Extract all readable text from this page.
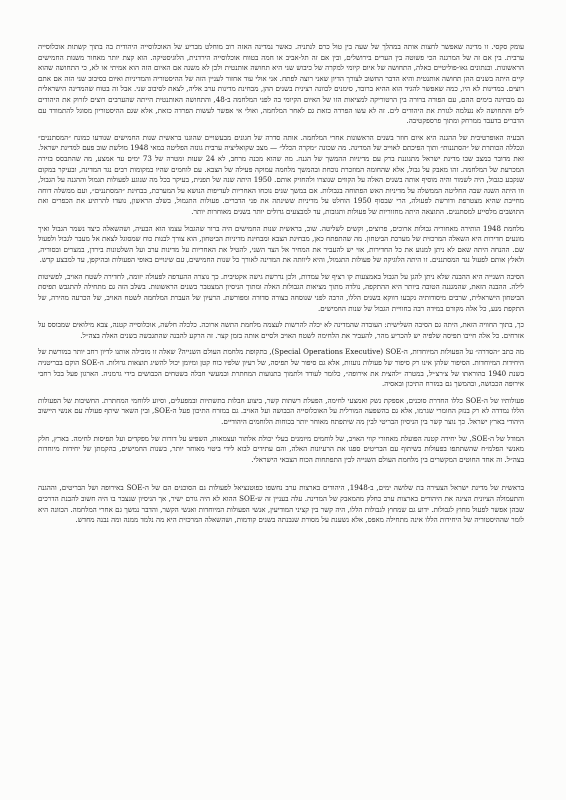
עומק סקסי. זו מדינה שאפשר לחצות אותה במהלך של שעה בין טול כרם לנתניה. כאשר נמדינה האזה רוב מוחלט מבריע של האוכלוסייה היהודית בה בתוך קשתות אוכלוסייה ערבית. בין אם זה של המרגנה הכי פשוטה בין הערים בירושלים, ובין אם זה תל-אביב או חמה בטווח אוכלוסייה הירדנית, הלוגיסטיקה. הוא קצת יותר מאחור משנות החמישים הראשונות. ובנתונים גאו-פוליטיים כאלה, התחושה של איום קיומי למקרה של כיבוש שני היא תחושה אותנטית ולכן לא משנה אם האיום הזה הוא אמיתי או לא, כי התחושה שהוא קיים היתה בשנים ההן תחושה אותנטית והיא הדבר החשוב לצורך הדיון שאני רוצה לפתח. אני אולי עוד אחזור לעניין הזה של ההיסטוריה והמדיניות ואיום בסיבוב שני הזה אם אתם רוצים. במדינות לא היו, כמה שאפשר להגיד הוא ההיא ברובד, סימנים לכוונה רצינית בשנים ההן, מבחינת מדינות ערב אליה, לצאת לסיבוב שני. אבל זה בטוח שהמדינה הישראלית גם מבחינה בימים ההם, עם הפורה ברורה בין הרטוריקה למציאות הזו של האיום הקיומי בה לפני המלחמה ב-48, והתחושה האותנטית הייתה שהערבים רוצים לזרוק את היהודים לים והתחושה לא נעלמה לגזרת את היהודים לים. זה לא עשו הפרדה כזאת גם לאחר המלחמה, ואולי אי אפשר לעשות הפרדה כזאת, אלא שגם ההיסטוריון מסוגל להתמודד עם הדברים בדעבד ממרחק ומתוך פרספקטיבה.

הבעיה האופרטיבית של ההגנה היא איום חוזר בשנים הראשונות אחרי המלחמה. אותה סדרה של חגונים מבעשויים שהוגנו בראשית שנות החמישים שנודעו כמונח ״המסתננים״ ונכללה הכותרת של ״הסתננות״ ותוך הפיכתם לאוייב של המדינה. מה שכונה ״מקרה הכלל״ — מצב שקואליציה ערבית גונזה הפליטה במאי 1948 מולשת שוב פעם למדינת ישראל. זאת מדובר במצב שבו מדינת ישראל מתגוננת ברק עם מדיניות ההמשך של הגנה. מה שהוא מכנה מרחב, לא 24 שעות ומטרה של 73 ימים עד אמצע, מה שהתבסס בזירה המכרעת של המלחמה. זהו מאבק על גבול, אלא שהחומה המוזכרת נוכחת ובהמשך מלחמה עמוקה פעילה של הצבא. עם לוחמים שהיו במקומות רבים נגד המדינה, ובעיקר במקום שנקבע כגבול, היה לשמור והיה מוסיף אותה בשנים האלה על הקווים שנוצרו ולהחזיק אותם. 1950 היתה שנה של תפנית, בעיקר בכל מה שנוגע לפעולות תגמול וההגנה על הגבול, וזו היתה השנה שבה החליטה הממשלה על מדיניות האש הפתוחה בגבולות. אם במשך שנים נוכחו האחריות לעדיפות הנושא על המערכת, בבחינת ״המסתננים״, ועם ממשלה דוחה מחייבת שהיא מצטרפת ודורשת לפעולה, הרי שבסוף 1950 הוחלט על מדיניות ששינתה את פני הדברים. פעולות התגמול, בשלב הראשון, נועדו להרתיע את הכפרים ואת התושבים מלסייע למסתננים. התוצאה היתה מחזוריות של פעולות ותגובות, עד למבצעים גדולים יותר בשנים מאוחרות יותר.

מלחמת 1948 הותירה מאחוריה גבולות ארוכים, פרוצים, וקשים לשליטה. שוב, בראשית שנות החמישים היה ברור שהגבול עצמו הוא הבעיה, ושהשאלה כיצד נשמר הגבול ואיך מונעים חדירות היא השאלה המרכזית של מערכת הביטחון. מה שהתפתח כאן, מבחינת הצבא ומבחינת מדיניות הביטחון, הוא צורך לבנות כוח שמסוגל לצאת אל מעבר לגבול ולפעול שם. ההנחה היתה שאם לא ניתן למנוע את כל החדירות, אזי יש להעביר את המחיר אל הצד השני, להטיל את האחריות על מדינות ערב ועל השלטונות בירדן, במצרים ובסוריה, ולאלץ אותם לפעול נגד המסתננים. זו היתה הלוגיקה של פעולות התגמול, והיא ליוותה את המדינה לאורך כל שנות החמישים, עם שינויים באופי הפעולות ובהיקפן, עד למבצע קדש.

הסיבה השנייה היא ההבנה שלא ניתן להגן על הגבול באמצעות קו רציף של עמדות, ולכן נדרשת גישה אקטיבית. כך נוצרה ההעדפה לפעולה יזומה, לחדירה לשטח האויב, לפשיטות לילה. ההבנה הזאת, שהמגננה הטובה ביותר היא ההתקפה, נולדה מתוך מציאות הגבולות האלה ומתוך הניסיון המצטבר בשנים הראשונות. בשלב הזה גם מתחילה להתגבש תפיסת הביטחון הישראלית, שרבים מיסודותיה נקבעו דווקא בשנים הללו, הרבה לפני שנוסחה בצורה סדורה ומפורשת. הרעיון של העברת המלחמה לשטח האויב, של הכרעה מהירה, של התקפת מנע, כל אלה מקורם במידה רבה בחוויית הגבול של שנות החמישים.

כך, בתוך החוויה הזאת, היתה גם הסיבה השלישית: העובדה שהמדינה לא יכלה להרשות לעצמה מלחמת התשה ארוכה. כלכלה חלשה, אוכלוסייה קטנה, צבא מילואים שמבוסס על אזרחים. כל אלה חייבו תפיסה שלפיה יש להכריע מהר, להעביר את הלחימה לשטח האויב ולסיים אותה בזמן קצר. זה הרקע להבנה שהתגבשה בשנים האלה בצה״ל.

מה כתב ״הסדרה״ על הפעולות המיוחדות, ה-Special Operations Executive) SOE), בתקופת מלחמת העולם השנייה? שאלה זו מובילה אותנו לדיון רחב יותר במורשת של היחידות המיוחדות. הסיפור שלהן אינו רק סיפור של פעולות נועזות, אלא גם סיפור של תפיסה, של רעיון שלפיו כוח קטן ומיומן יכול להשיג תוצאות גדולות. ה-SOE הוקם בבריטניה בשנת 1940 בהוראתו של צ׳רצ׳יל, במטרה ״להצית את אירופה״, כלומר לעודד ולתמוך בתנועות המחתרת ובמעשי חבלה בשטחים הכבושים בידי גרמניה. הארגון פעל בכל רחבי אירופה הכבושה, ובהמשך גם במזרח התיכון ובאסיה.

פעולותיו של ה-SOE כללו החדרת סוכנים, אספקת נשק ואמצעי לחימה, הפעלת רשתות קשר, ביצוע חבלות בתשתיות ובמפעלים, וסיוע ללוחמי המחתרת. החשיבות של הפעולות הללו נמדדה לא רק בנזק החומרי שגרמו, אלא גם בהשפעה המורלית על האוכלוסייה הכבושה ועל האויב. גם במזרח התיכון פעל ה-SOE, ובין השאר שיתף פעולה עם אנשי היישוב היהודי בארץ ישראל. כך נוצר קשר בין הניסיון הבריטי לבין מה שיתפתח מאוחר יותר בכוחות הלוחמים היהודיים.

המודל של ה-SOE, של יחידה קטנה הפועלת מאחורי קווי האויב, של לוחמים מיומנים בעלי יכולת אלתור ועצמאות, השפיע על דורות של מפקדים ועל תפיסות לחימה. בארץ, חלק מאנשי הפלמ״ח שהשתתפו בפעולות בשיתוף עם הבריטים ספגו את הרעיונות האלה, והם עתידים לבוא לידי ביטוי מאוחר יותר, בשנות החמישים, בהקמתן של יחידות מיוחדות בצה״ל. זה אחד החוטים המקשרים בין מלחמת העולם השנייה לבין התפתחות הכוח הצבאי הישראלי.

בראשית של מדינת ישראל הצעירה בת שלושה ימים, ב-1948, היהודים בארצות ערב נחשפו כפוטנציאל לפעולות גם הסוכנים הם של ה-SOE באירופה ושל הבריטים, וההגנה והתעמולה הציונית הציגה את היהודים בארצות ערב כחלק מהמאבק של המדינה. עלה בעניין זה ש-SOE ההוא לא היה גורם ישיר, אך הניסיון שנצבר בו היה חשוב להבנת הדרכים שבהן אפשר לפעול מחוץ לגבולות. ידוע גם שמחוץ לגבולות הללו, היה קשר בין קציני המודיעין, אנשי הפעולות המיוחדות ואנשי הקשר, והדבר נמשך גם אחרי המלחמה. הכוונה היא לומר שההיסטוריה של היחידות הללו אינה מתחילה מאפס, אלא נשענת על מסורת שנבנתה בשנים קודמות, ושהשאלה המרכזית היא מה נלמד ממנה ומה נבנה מחדש.
